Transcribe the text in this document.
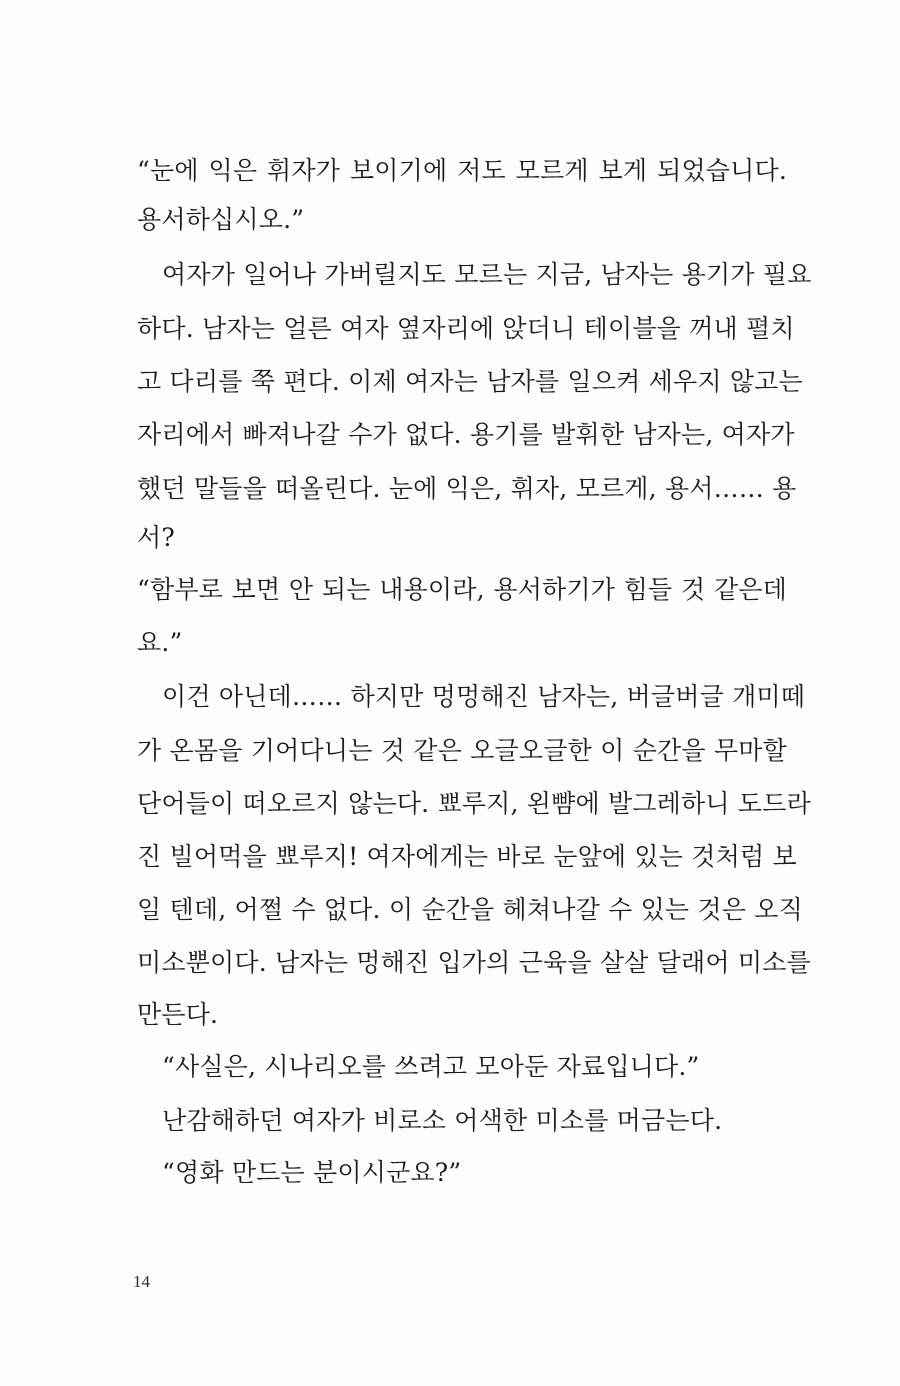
“눈에 익은 휘자가 보이기에 저도 모르게 보게 되었습니다.
용서하십시오.”
여자가 일어나 가버릴지도 모르는 지금, 남자는 용기가 필요
하다. 남자는 얼른 여자 옆자리에 앉더니 테이블을 꺼내 펼치
고 다리를 쭉 편다. 이제 여자는 남자를 일으켜 세우지 않고는
자리에서 빠져나갈 수가 없다. 용기를 발휘한 남자는, 여자가
했던 말들을 떠올린다. 눈에 익은, 휘자, 모르게, 용서…… 용
서?
“함부로 보면 안 되는 내용이라, 용서하기가 힘들 것 같은데
요.”
이건 아닌데…… 하지만 멍멍해진 남자는, 버글버글 개미떼
가 온몸을 기어다니는 것 같은 오글오글한 이 순간을 무마할
단어들이 떠오르지 않는다. 뾰루지, 왼뺨에 발그레하니 도드라
진 빌어먹을 뾰루지! 여자에게는 바로 눈앞에 있는 것처럼 보
일 텐데, 어쩔 수 없다. 이 순간을 헤쳐나갈 수 있는 것은 오직
미소뿐이다. 남자는 멍해진 입가의 근육을 살살 달래어 미소를
만든다.
“사실은, 시나리오를 쓰려고 모아둔 자료입니다.”
난감해하던 여자가 비로소 어색한 미소를 머금는다.
“영화 만드는 분이시군요?”
14
